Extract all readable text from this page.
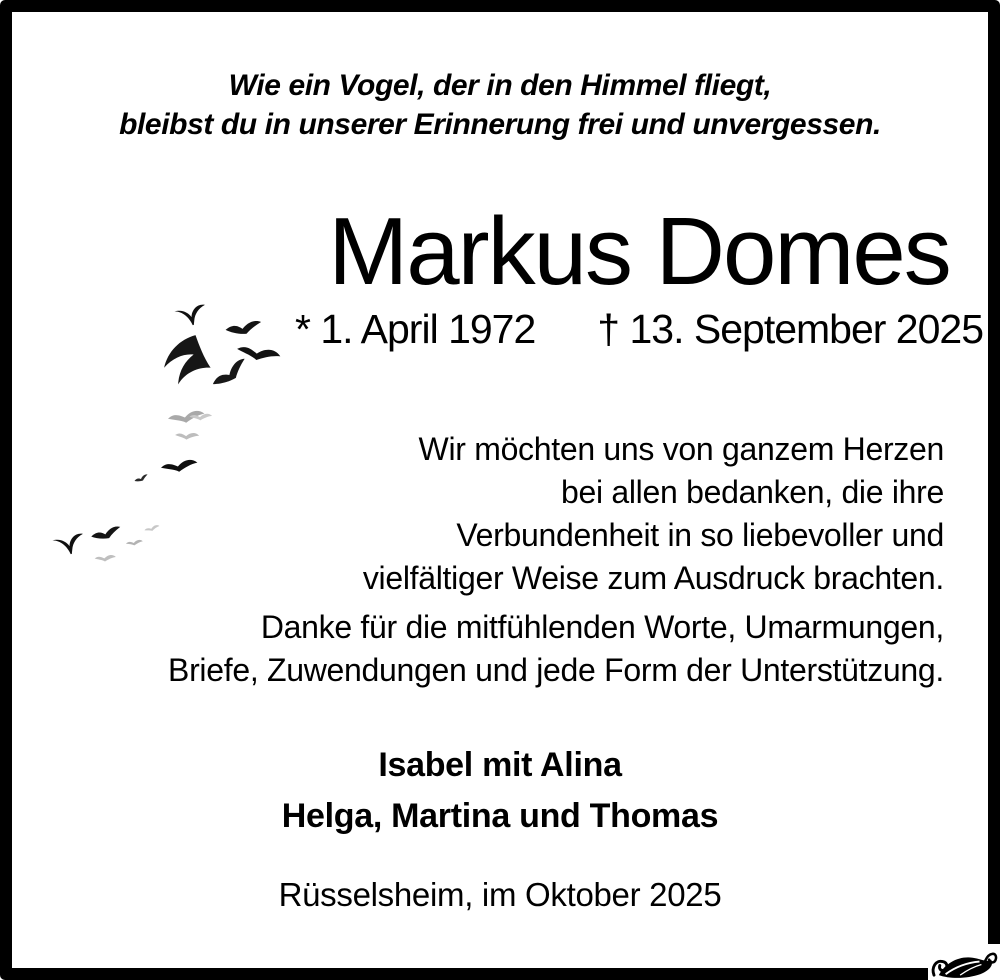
Wie ein Vogel, der in den Himmel fliegt,
bleibst du in unserer Erinnerung frei und unvergessen.
Markus Domes
* 1. April 1972 † 13. September 2025
Wir möchten uns von ganzem Herzen
bei allen bedanken, die ihre
Verbundenheit in so liebevoller und
vielfältiger Weise zum Ausdruck brachten.
Danke für die mitfühlenden Worte, Umarmungen,
Briefe, Zuwendungen und jede Form der Unterstützung.
Isabel mit Alina
Helga, Martina und Thomas
Rüsselsheim, im Oktober 2025
